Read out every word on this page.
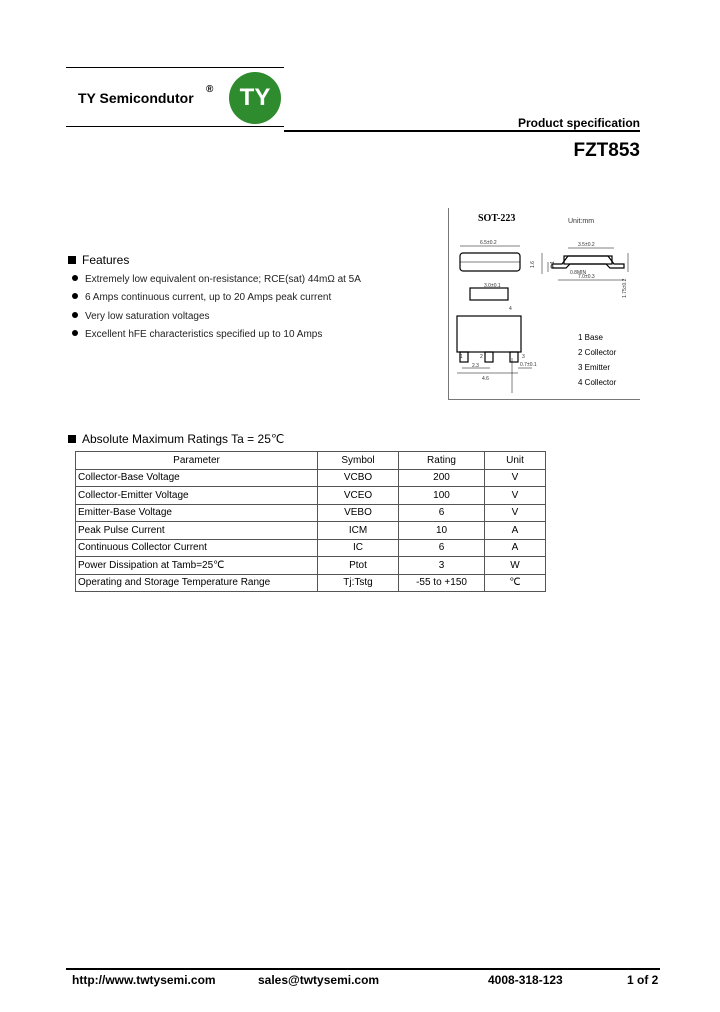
TY Semicondutor
®	TY
Product specification
FZT853
SOT-223	Unit:mm
6.5±0.2	3.5±0.2
7.0±0.3
0.8MIN
3.0±0.1
1.6	0.1
1.75±0.2
4
1	2	3
2.3
4.6
0.7±0.1
1 Base
2 Collector
3 Emitter
4 Collector
Features
Extremely low equivalent on-resistance; RCE(sat) 44mΩ at 5A
6 Amps continuous current, up to 20 Amps peak current
Very low saturation voltages
Excellent hFE characteristics specified up to 10 Amps
Absolute Maximum Ratings Ta = 25℃
Parameter	Symbol	Rating	Unit
Collector-Base Voltage	VCBO	200	V
Collector-Emitter Voltage	VCEO	100	V
Emitter-Base Voltage	VEBO	6	V
Peak Pulse Current	ICM	10	A
Continuous Collector Current	IC	6	A
Power Dissipation at Tamb=25℃	Ptot	3	W
Operating and Storage Temperature Range	Tj:Tstg	-55 to +150	℃
http://www.twtysemi.com	sales@twtysemi.com	4008-318-123	1 of 2
